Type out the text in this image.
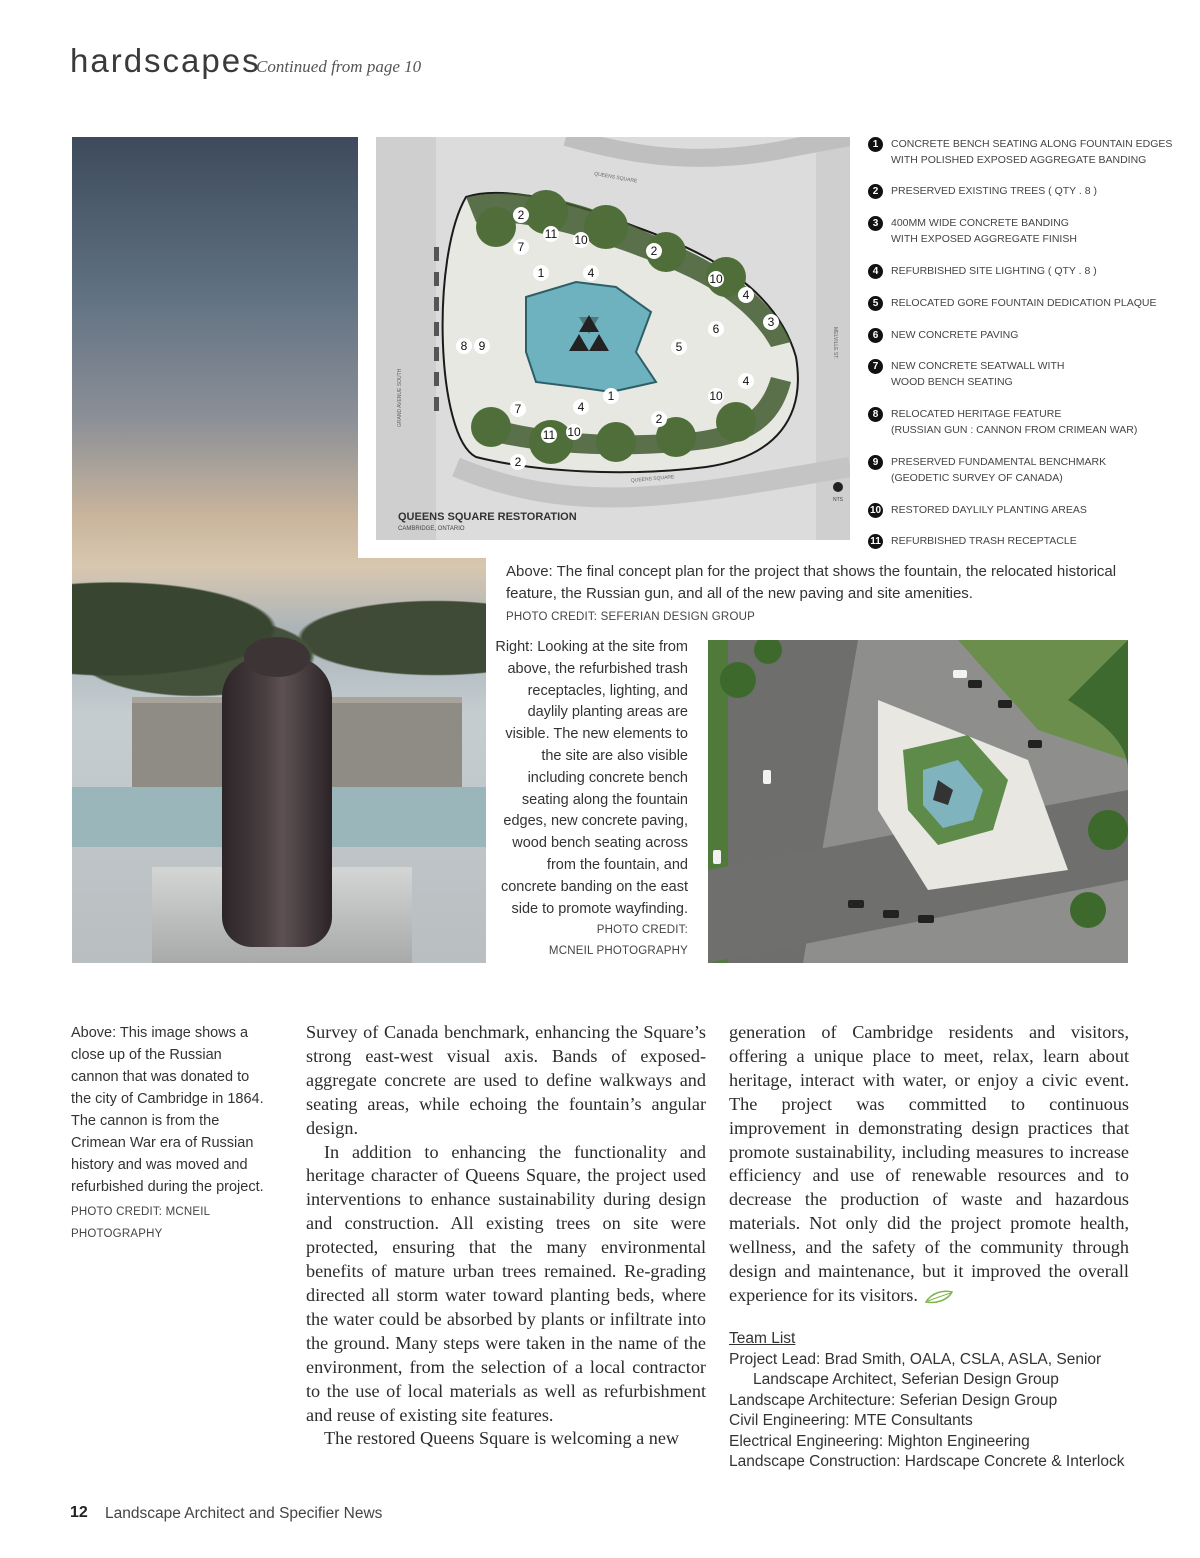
hardscapes
Continued from page 10
2
11 10
7	2
1	4	10
4
3
6
8 9	5
4
10
1
7	4
2
11 10
2
QUEENS SQUARE
QUEENS SQUARE
GRAND AVENUE SOUTH
MELVILLE ST.
NTS
QUEENS SQUARE RESTORATION
CAMBRIDGE, ONTARIO
1	CONCRETE BENCH SEATING ALONG FOUNTAIN EDGES
WITH POLISHED EXPOSED AGGREGATE BANDING
2	PRESERVED EXISTING TREES ( QTY . 8 )
3	400MM WIDE CONCRETE BANDING
WITH EXPOSED AGGREGATE FINISH
4	REFURBISHED SITE LIGHTING ( QTY . 8 )
5	RELOCATED GORE FOUNTAIN DEDICATION PLAQUE
6	NEW CONCRETE PAVING
7	NEW CONCRETE SEATWALL WITH
WOOD BENCH SEATING
8	RELOCATED HERITAGE FEATURE
(RUSSIAN GUN : CANNON FROM CRIMEAN WAR)
9	PRESERVED FUNDAMENTAL BENCHMARK
(GEODETIC SURVEY OF CANADA)
10 RESTORED DAYLILY PLANTING AREAS
11 REFURBISHED TRASH RECEPTACLE
Above: The final concept plan for the project that shows the fountain, the relocated historical feature, the Russian gun, and all of the new paving and site amenities.
PHOTO CREDIT: SEFERIAN DESIGN GROUP
Right: Looking at the site from above, the refurbished trash receptacles, lighting, and daylily planting areas are visible. The new elements to the site are also visible including concrete bench seating along the fountain edges, new concrete paving, wood bench seating across from the fountain, and concrete banding on the east side to promote wayfinding.
PHOTO CREDIT:
MCNEIL PHOTOGRAPHY
Above: This image shows a close up of the Russian cannon that was donated to the city of Cambridge in 1864. The cannon is from the Crimean War era of Russian history and was moved and refurbished during the project.
PHOTO CREDIT: MCNEIL PHOTOGRAPHY

Survey of Canada benchmark, enhancing the Square’s strong east-west visual axis. Bands of exposed-aggregate concrete are used to define walkways and seating areas, while echoing the fountain’s angular design.

In addition to enhancing the functionality and heritage character of Queens Square, the project used interventions to enhance sustainability during design and construction. All existing trees on site were protected, ensuring that the many environmental benefits of mature urban trees remained. Re-grading directed all storm water toward planting beds, where the water could be absorbed by plants or infiltrate into the ground. Many steps were taken in the name of the environment, from the selection of a local contractor to the use of local materials as well as refurbishment and reuse of existing site features.

The restored Queens Square is welcoming a new

generation of Cambridge residents and visitors, offering a unique place to meet, relax, learn about heritage, interact with water, or enjoy a civic event. The project was committed to continuous improvement in demonstrating design practices that promote sustainability, including measures to increase efficiency and use of renewable resources and to decrease the production of waste and hazardous materials. Not only did the project promote health, wellness, and the safety of the community through design and maintenance, but it improved the overall experience for its visitors.

Team List
Project Lead: Brad Smith, OALA, CSLA, ASLA, Senior
Landscape Architect, Seferian Design Group
Landscape Architecture: Seferian Design Group
Civil Engineering: MTE Consultants
Electrical Engineering: Mighton Engineering
Landscape Construction: Hardscape Concrete & Interlock
12 Landscape Architect and Specifier News
